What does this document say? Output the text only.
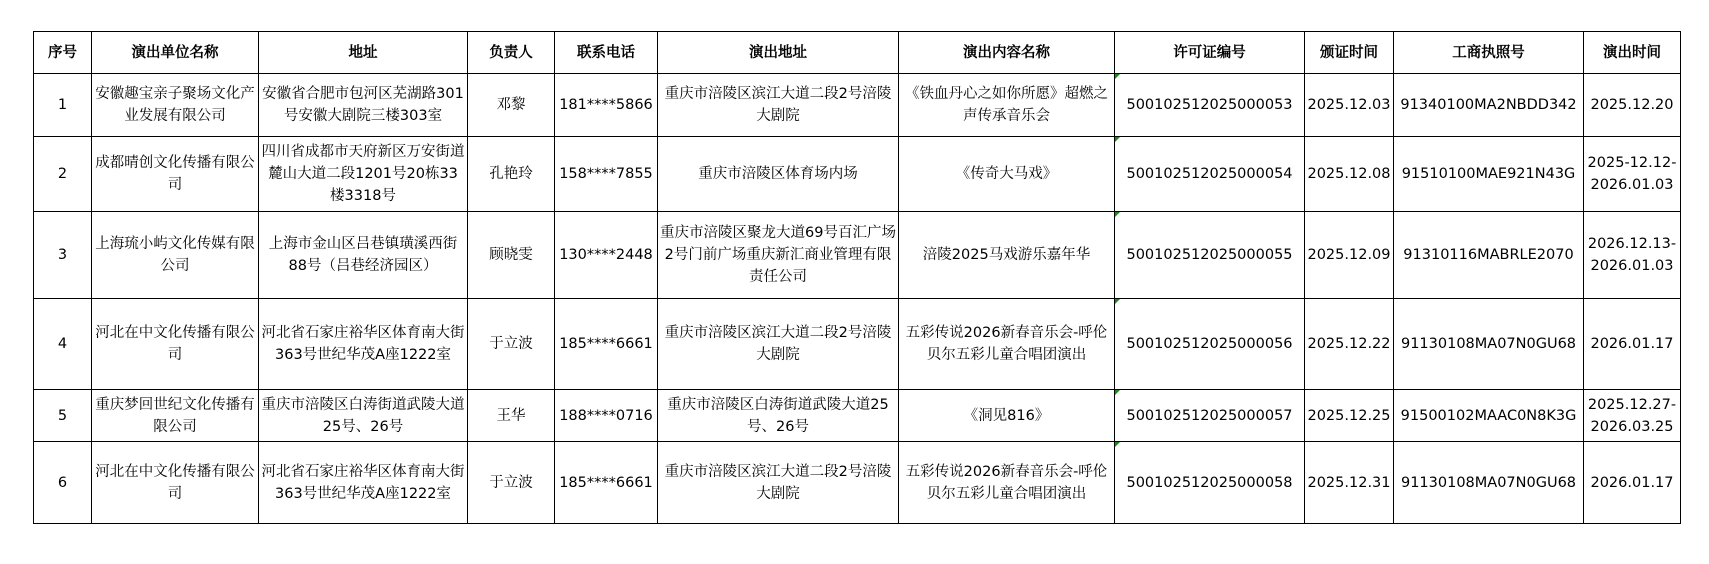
序号	演出单位名称	地址	负责人	联系电话	演出地址	演出内容名称	许可证编号	颁证时间	工商执照号	演出时间
1	安徽趣宝亲子聚场文化产业发展有限公司	安徽省合肥市包河区芜湖路301号安徽大剧院三楼303室	邓黎	181****5866	重庆市涪陵区滨江大道二段2号涪陵大剧院	《铁血丹心之如你所愿》超燃之声传承音乐会	500102512025000053	2025.12.03	91340100MA2NBDD342	2025.12.20
2	成都晴创文化传播有限公司	四川省成都市天府新区万安街道麓山大道二段1201号20栋33楼3318号	孔艳玲	158****7855	重庆市涪陵区体育场内场	《传奇大马戏》	500102512025000054	2025.12.08	91510100MAE921N43G	2025-12.12-2026.01.03
3	上海琉小屿文化传媒有限公司	上海市金山区吕巷镇璜溪西街88号（吕巷经济园区）	顾晓雯	130****2448	重庆市涪陵区聚龙大道69号百汇广场2号门前广场重庆新汇商业管理有限责任公司	涪陵2025马戏游乐嘉年华	500102512025000055	2025.12.09	91310116MABRLE2070	2026.12.13-2026.01.03
4	河北在中文化传播有限公司	河北省石家庄裕华区体育南大街363号世纪华茂A座1222室	于立波	185****6661	重庆市涪陵区滨江大道二段2号涪陵大剧院	五彩传说2026新春音乐会-呼伦贝尔五彩儿童合唱团演出	500102512025000056	2025.12.22	91130108MA07N0GU68	2026.01.17
5	重庆梦回世纪文化传播有限公司	重庆市涪陵区白涛街道武陵大道25号、26号	王华	188****0716	重庆市涪陵区白涛街道武陵大道25号、26号	《洞见816》	500102512025000057	2025.12.25	91500102MAAC0N8K3G	2025.12.27-2026.03.25
6	河北在中文化传播有限公司	河北省石家庄裕华区体育南大街363号世纪华茂A座1222室	于立波	185****6661	重庆市涪陵区滨江大道二段2号涪陵大剧院	五彩传说2026新春音乐会-呼伦贝尔五彩儿童合唱团演出	500102512025000058	2025.12.31	91130108MA07N0GU68	2026.01.17
